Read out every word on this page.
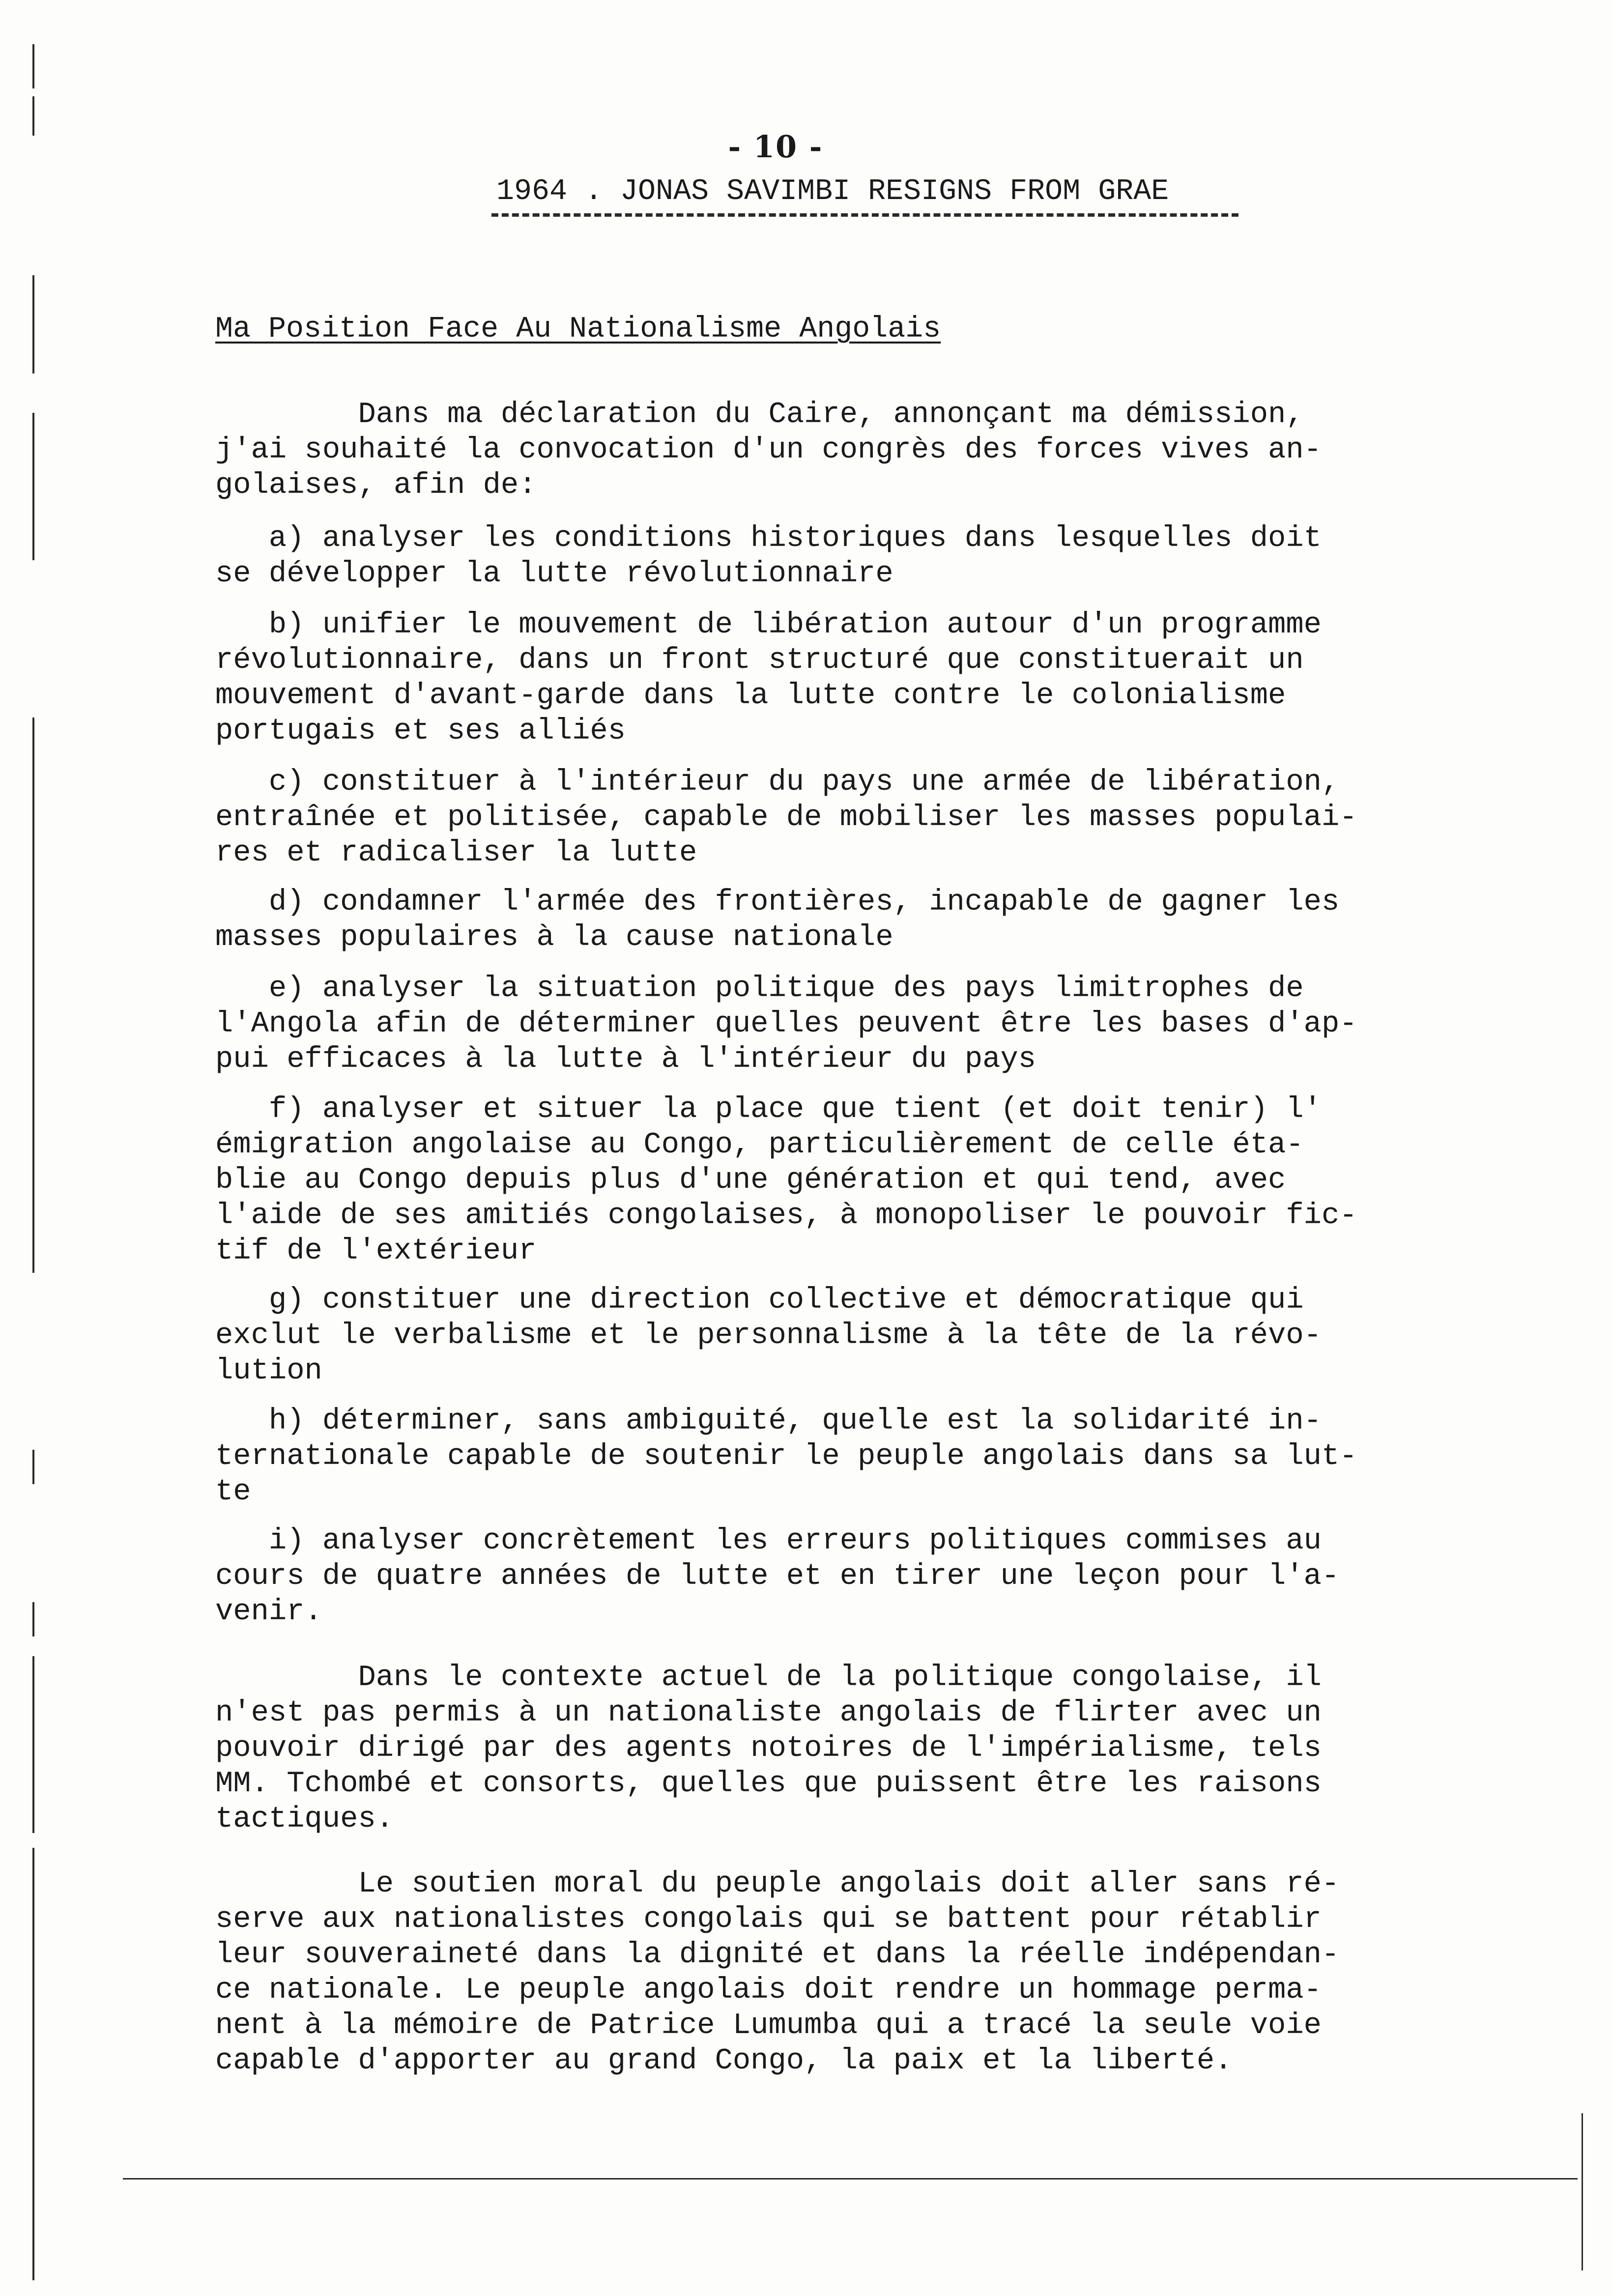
- 10 -
1964 . JONAS SAVIMBI RESIGNS FROM GRAE
Ma Position Face Au Nationalisme Angolais
Dans ma déclaration du Caire, annonçant ma démission,
j'ai souhaité la convocation d'un congrès des forces vives an-
golaises, afin de:
a) analyser les conditions historiques dans lesquelles doit
se développer la lutte révolutionnaire
b) unifier le mouvement de libération autour d'un programme
révolutionnaire, dans un front structuré que constituerait un
mouvement d'avant-garde dans la lutte contre le colonialisme
portugais et ses alliés
c) constituer à l'intérieur du pays une armée de libération,
entraînée et politisée, capable de mobiliser les masses populai-
res et radicaliser la lutte
d) condamner l'armée des frontières, incapable de gagner les
masses populaires à la cause nationale
e) analyser la situation politique des pays limitrophes de
l'Angola afin de déterminer quelles peuvent être les bases d'ap-
pui efficaces à la lutte à l'intérieur du pays
f) analyser et situer la place que tient (et doit tenir) l'
émigration angolaise au Congo, particulièrement de celle éta-
blie au Congo depuis plus d'une génération et qui tend, avec
l'aide de ses amitiés congolaises, à monopoliser le pouvoir fic-
tif de l'extérieur
g) constituer une direction collective et démocratique qui
exclut le verbalisme et le personnalisme à la tête de la révo-
lution
h) déterminer, sans ambiguité, quelle est la solidarité in-
ternationale capable de soutenir le peuple angolais dans sa lut-
te
i) analyser concrètement les erreurs politiques commises au
cours de quatre années de lutte et en tirer une leçon pour l'a-
venir.
Dans le contexte actuel de la politique congolaise, il
n'est pas permis à un nationaliste angolais de flirter avec un
pouvoir dirigé par des agents notoires de l'impérialisme, tels
MM. Tchombé et consorts, quelles que puissent être les raisons
tactiques.
Le soutien moral du peuple angolais doit aller sans ré-
serve aux nationalistes congolais qui se battent pour rétablir
leur souveraineté dans la dignité et dans la réelle indépendan-
ce nationale. Le peuple angolais doit rendre un hommage perma-
nent à la mémoire de Patrice Lumumba qui a tracé la seule voie
capable d'apporter au grand Congo, la paix et la liberté.
